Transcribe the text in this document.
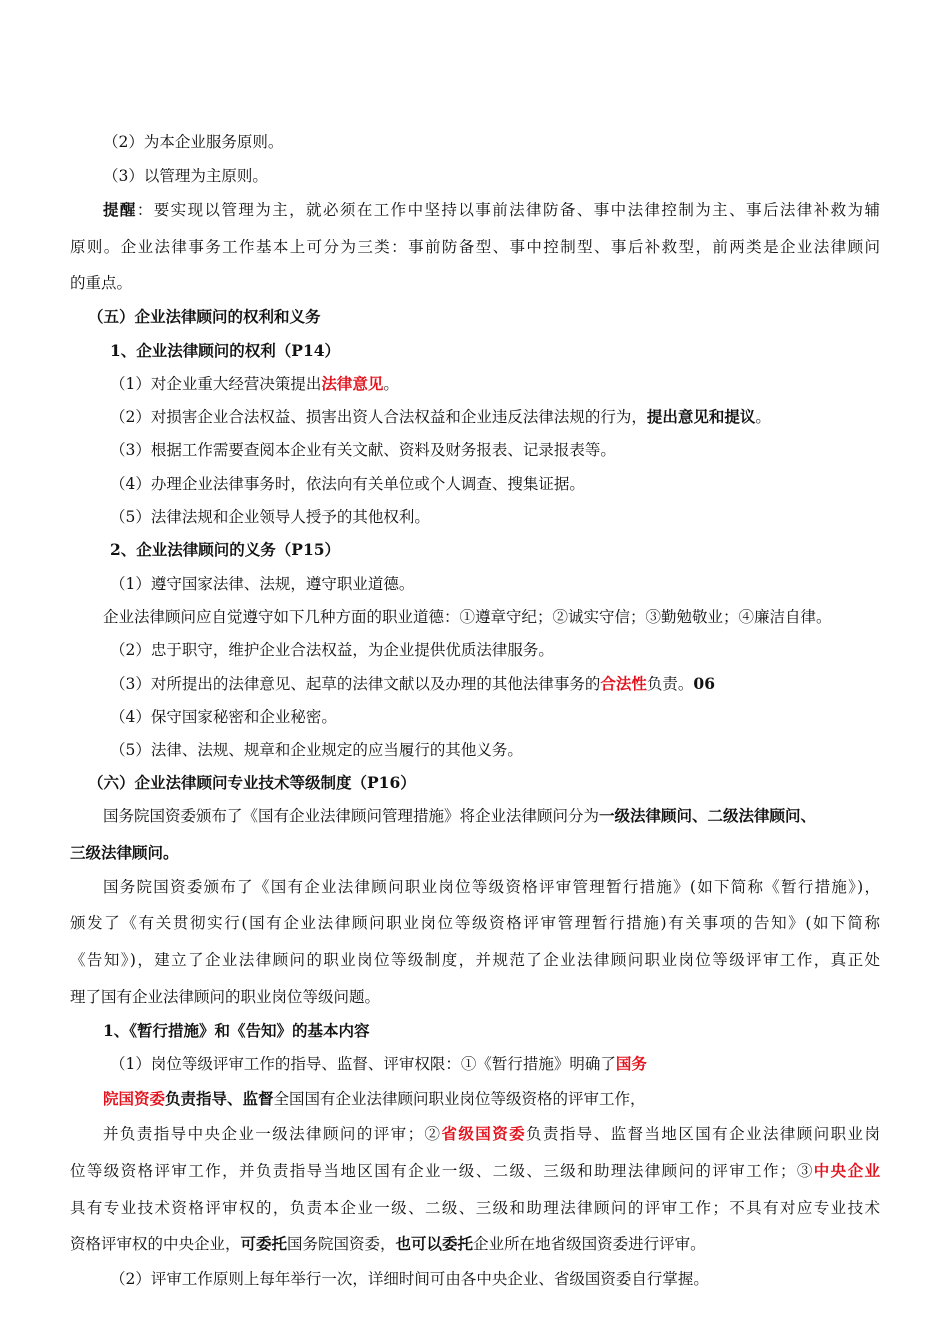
（2）为本企业服务原则。
（3）以管理为主原则。
提醒：要实现以管理为主，就必须在工作中坚持以事前法律防备、事中法律控制为主、事后法律补救为辅
原则。企业法律事务工作基本上可分为三类：事前防备型、事中控制型、事后补救型，前两类是企业法律顾问
的重点。
（五）企业法律顾问的权利和义务
1、企业法律顾问的权利（P14）
（1）对企业重大经营决策提出法律意见。
（2）对损害企业合法权益、损害出资人合法权益和企业违反法律法规的行为，提出意见和提议。
（3）根据工作需要查阅本企业有关文献、资料及财务报表、记录报表等。
（4）办理企业法律事务时，依法向有关单位或个人调查、搜集证据。
（5）法律法规和企业领导人授予的其他权利。
2、企业法律顾问的义务（P15）
（1）遵守国家法律、法规，遵守职业道德。
企业法律顾问应自觉遵守如下几种方面的职业道德：①遵章守纪；②诚实守信；③勤勉敬业；④廉洁自律。
（2）忠于职守，维护企业合法权益，为企业提供优质法律服务。
（3）对所提出的法律意见、起草的法律文献以及办理的其他法律事务的合法性负责。06
（4）保守国家秘密和企业秘密。
（5）法律、法规、规章和企业规定的应当履行的其他义务。
（六）企业法律顾问专业技术等级制度（P16）
国务院国资委颁布了《国有企业法律顾问管理措施》将企业法律顾问分为一级法律顾问、二级法律顾问、
三级法律顾问。
国务院国资委颁布了《国有企业法律顾问职业岗位等级资格评审管理暂行措施》(如下简称《暂行措施》)，
颁发了《有关贯彻实行(国有企业法律顾问职业岗位等级资格评审管理暂行措施)有关事项的告知》(如下简称
《告知》)，建立了企业法律顾问的职业岗位等级制度，并规范了企业法律顾问职业岗位等级评审工作，真正处
理了国有企业法律顾问的职业岗位等级问题。
1、《暂行措施》和《告知》的基本内容
（1）岗位等级评审工作的指导、监督、评审权限：①《暂行措施》明确了国务
院国资委负责指导、监督全国国有企业法律顾问职业岗位等级资格的评审工作，
并负责指导中央企业一级法律顾问的评审；②省级国资委负责指导、监督当地区国有企业法律顾问职业岗
位等级资格评审工作，并负责指导当地区国有企业一级、二级、三级和助理法律顾问的评审工作；③中央企业
具有专业技术资格评审权的，负责本企业一级、二级、三级和助理法律顾问的评审工作；不具有对应专业技术
资格评审权的中央企业，可委托国务院国资委，也可以委托企业所在地省级国资委进行评审。
（2）评审工作原则上每年举行一次，详细时间可由各中央企业、省级国资委自行掌握。
